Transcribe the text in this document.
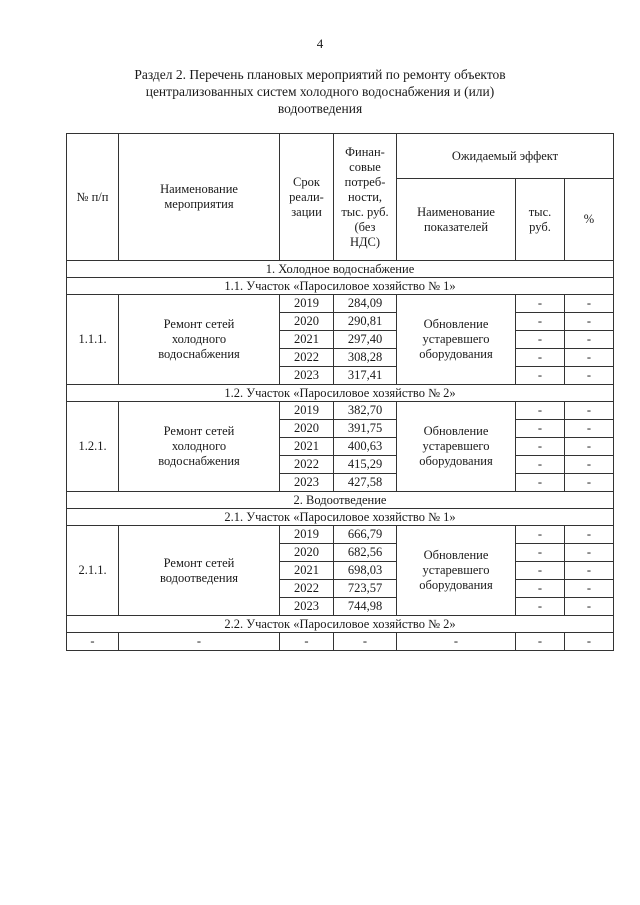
4
Раздел 2. Перечень плановых мероприятий по ремонту объектов
централизованных систем холодного водоснабжения и (или)
водоотведения
№ п/п	Наименование мероприятия	Срок реали- зации	Финан- совые потреб- ности, тыс. руб. (без НДС)	Ожидаемый эффект		

				Наименование показателей	тыс. руб.	%
1. Холодное водоснабжение						
1.1. Участок «Паросиловое хозяйство № 1»						
1.1.1.	Ремонт сетей холодного водоснабжения	2019	284,09	Обновление устаревшего оборудования	-	-
		2020	290,81		-	-
		2021	297,40		-	-
		2022	308,28		-	-
		2023	317,41		-	-
1.2. Участок «Паросиловое хозяйство № 2»						
1.2.1.	Ремонт сетей холодного водоснабжения	2019	382,70	Обновление устаревшего оборудования	-	-
		2020	391,75		-	-
		2021	400,63		-	-
		2022	415,29		-	-
		2023	427,58		-	-
2. Водоотведение						
2.1. Участок «Паросиловое хозяйство № 1»						
2.1.1.	Ремонт сетей водоотведения	2019	666,79	Обновление устаревшего оборудования	-	-
		2020	682,56		-	-
		2021	698,03		-	-
		2022	723,57		-	-
		2023	744,98		-	-
2.2. Участок «Паросиловое хозяйство № 2»						
-	-	-	-	-	-	-
